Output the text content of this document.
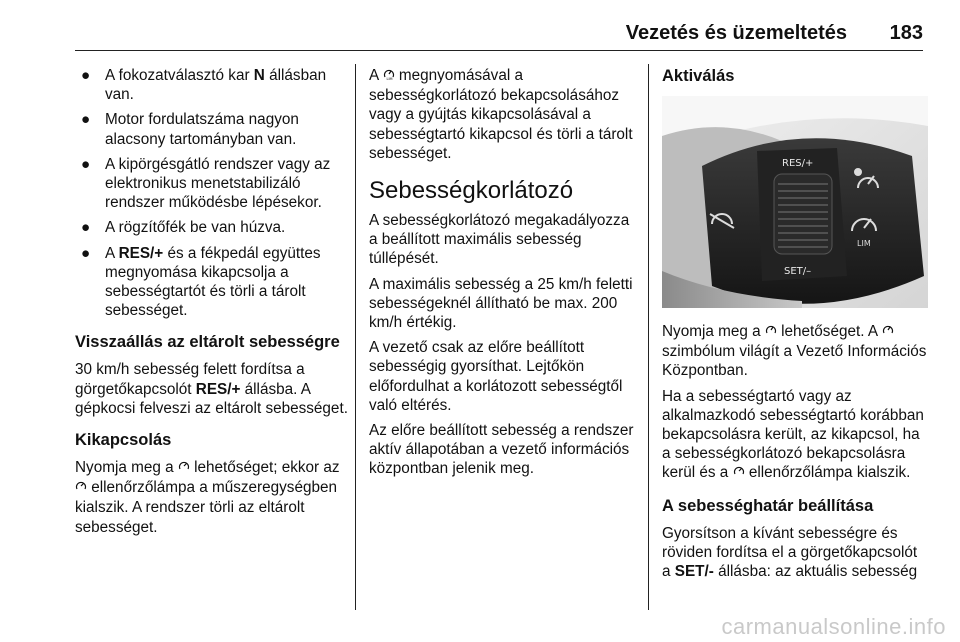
Vezetés és üzemeltetés 183
● A fokozatválasztó kar N állásban van.
● Motor fordulatszáma nagyon alacsony tartományban van.
● A kipörgésgátló rendszer vagy az elektronikus menetstabilizáló rendszer működésbe lépésekor.
● A rögzítőfék be van húzva.
● A RES/+ és a fékpedál együttes megnyomása kikapcsolja a sebességtartót és törli a tárolt sebességet.
Visszaállás az eltárolt sebességre

30 km/h sebesség felett fordítsa a görgetőkapcsolót RES/+ állásba. A gépkocsi felveszi az eltárolt sebességet.

Kikapcsolás

Nyomja meg a  lehetőséget; ekkor az  ellenőrzőlámpa a műszeregységben kialszik. A rendszer törli az eltárolt sebességet.

A LIM megnyomásával a sebességkorlátozó bekapcsolásához vagy a gyújtás kikapcsolásával a sebességtartó kikapcsol és törli a tárolt sebességet.

Sebességkorlátozó

A sebességkorlátozó megakadályozza a beállított maximális sebesség túllépését.

A maximális sebesség a 25 km/h feletti sebességeknél állítható be max. 200 km/h értékig.

A vezető csak az előre beállított sebességig gyorsíthat. Lejtőkön előfordulhat a korlátozott sebességtől való eltérés.

Az előre beállított sebesség a rendszer aktív állapotában a vezető információs központban jelenik meg.

Aktiválás
RES/+
SET/–
LIM

Nyomja meg a  lehetőséget. A  szimbólum világít a Vezető Információs Központban.

Ha a sebességtartó vagy az alkalmazkodó sebességtartó korábban bekapcsolásra került, az kikapcsol, ha a sebességkorlátozó bekapcsolásra kerül és a  ellenőrzőlámpa kialszik.

A sebességhatár beállítása

Gyorsítson a kívánt sebességre és röviden fordítsa el a görgetőkapcsolót a SET/- állásba: az aktuális sebesség

carmanualsonline.info
